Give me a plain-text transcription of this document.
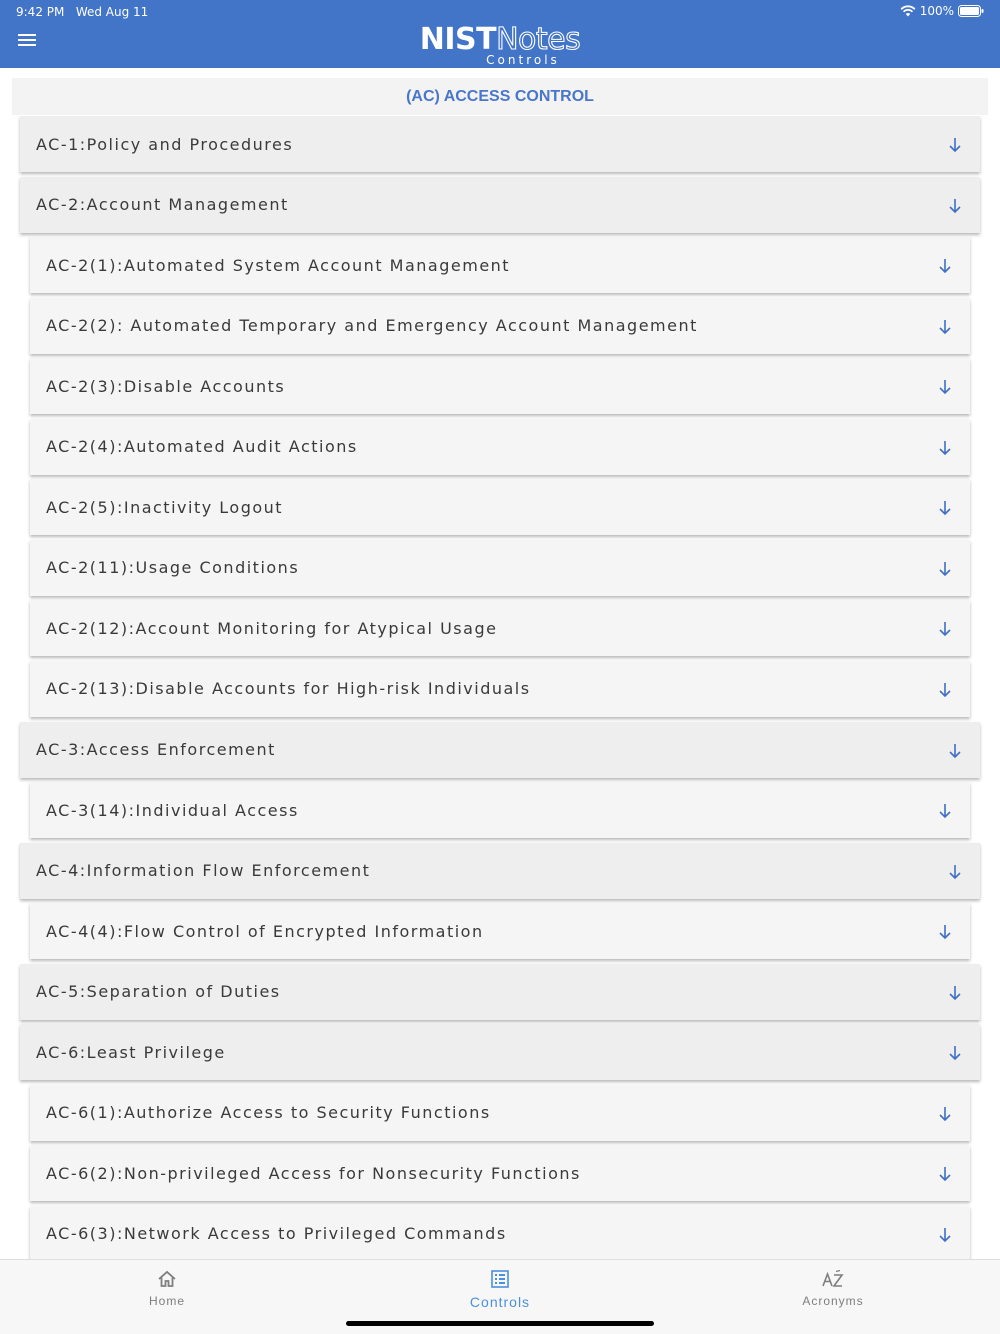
9:42 PM Wed Aug 11	100%
NISTNotes
Controls
(AC) ACCESS CONTROL
AC-1:Policy and Procedures
AC-2:Account Management
AC-2(1):Automated System Account Management
AC-2(2): Automated Temporary and Emergency Account Management
AC-2(3):Disable Accounts
AC-2(4):Automated Audit Actions
AC-2(5):Inactivity Logout
AC-2(11):Usage Conditions
AC-2(12):Account Monitoring for Atypical Usage
AC-2(13):Disable Accounts for High-risk Individuals
AC-3:Access Enforcement
AC-3(14):Individual Access
AC-4:Information Flow Enforcement
AC-4(4):Flow Control of Encrypted Information
AC-5:Separation of Duties
AC-6:Least Privilege
AC-6(1):Authorize Access to Security Functions
AC-6(2):Non-privileged Access for Nonsecurity Functions
AC-6(3):Network Access to Privileged Commands
Home	Controls	Acronyms
